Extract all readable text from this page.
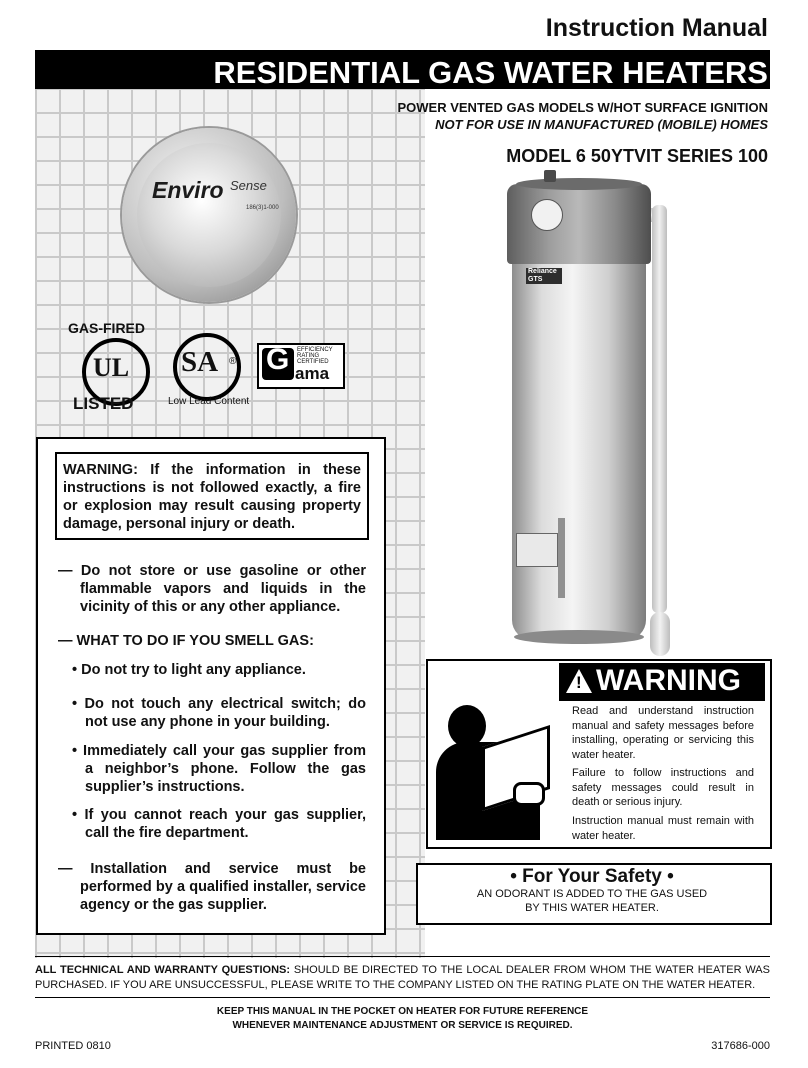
Instruction Manual
RESIDENTIAL GAS WATER HEATERS
POWER VENTED GAS MODELS W/HOT SURFACE IGNITION
NOT FOR USE IN MANUFACTURED (MOBILE) HOMES
MODEL 6 50YTVIT SERIES 100
Enviro Sense
186(3)1-000
GAS-FIRED
UL
LISTED
SA ®
Low Lead Content
G EFFICIENCY RATING CERTIFIED
ama
Reliance
GTS
WARNING: If the information in these instructions is not followed exactly, a fire or explosion may result causing property damage, personal injury or death.
— Do not store or use gasoline or other flammable vapors and liquids in the vicinity of this or any other appliance.
— WHAT TO DO IF YOU SMELL GAS:
• Do not try to light any appliance.
• Do not touch any electrical switch; do not use any phone in your building.
• Immediately call your gas supplier from a neighbor’s phone. Follow the gas supplier’s instructions.
• If you cannot reach your gas supplier, call the fire department.
— Installation and service must be performed by a qualified installer, service agency or the gas supplier.
! WARNING
Read and understand instruction manual and safety messages before installing, operating or servicing this water heater.
Failure to follow instructions and safety messages could result in death or serious injury.
Instruction manual must remain with water heater.
• For Your Safety •
AN ODORANT IS ADDED TO THE GAS USED
BY THIS WATER HEATER.
ALL TECHNICAL AND WARRANTY QUESTIONS: SHOULD BE DIRECTED TO THE LOCAL DEALER FROM WHOM THE WATER HEATER WAS PURCHASED. IF YOU ARE UNSUCCESSFUL, PLEASE WRITE TO THE COMPANY LISTED ON THE RATING PLATE ON THE WATER HEATER.
KEEP THIS MANUAL IN THE POCKET ON HEATER FOR FUTURE REFERENCE
WHENEVER MAINTENANCE ADJUSTMENT OR SERVICE IS REQUIRED.
PRINTED 0810	317686-000
